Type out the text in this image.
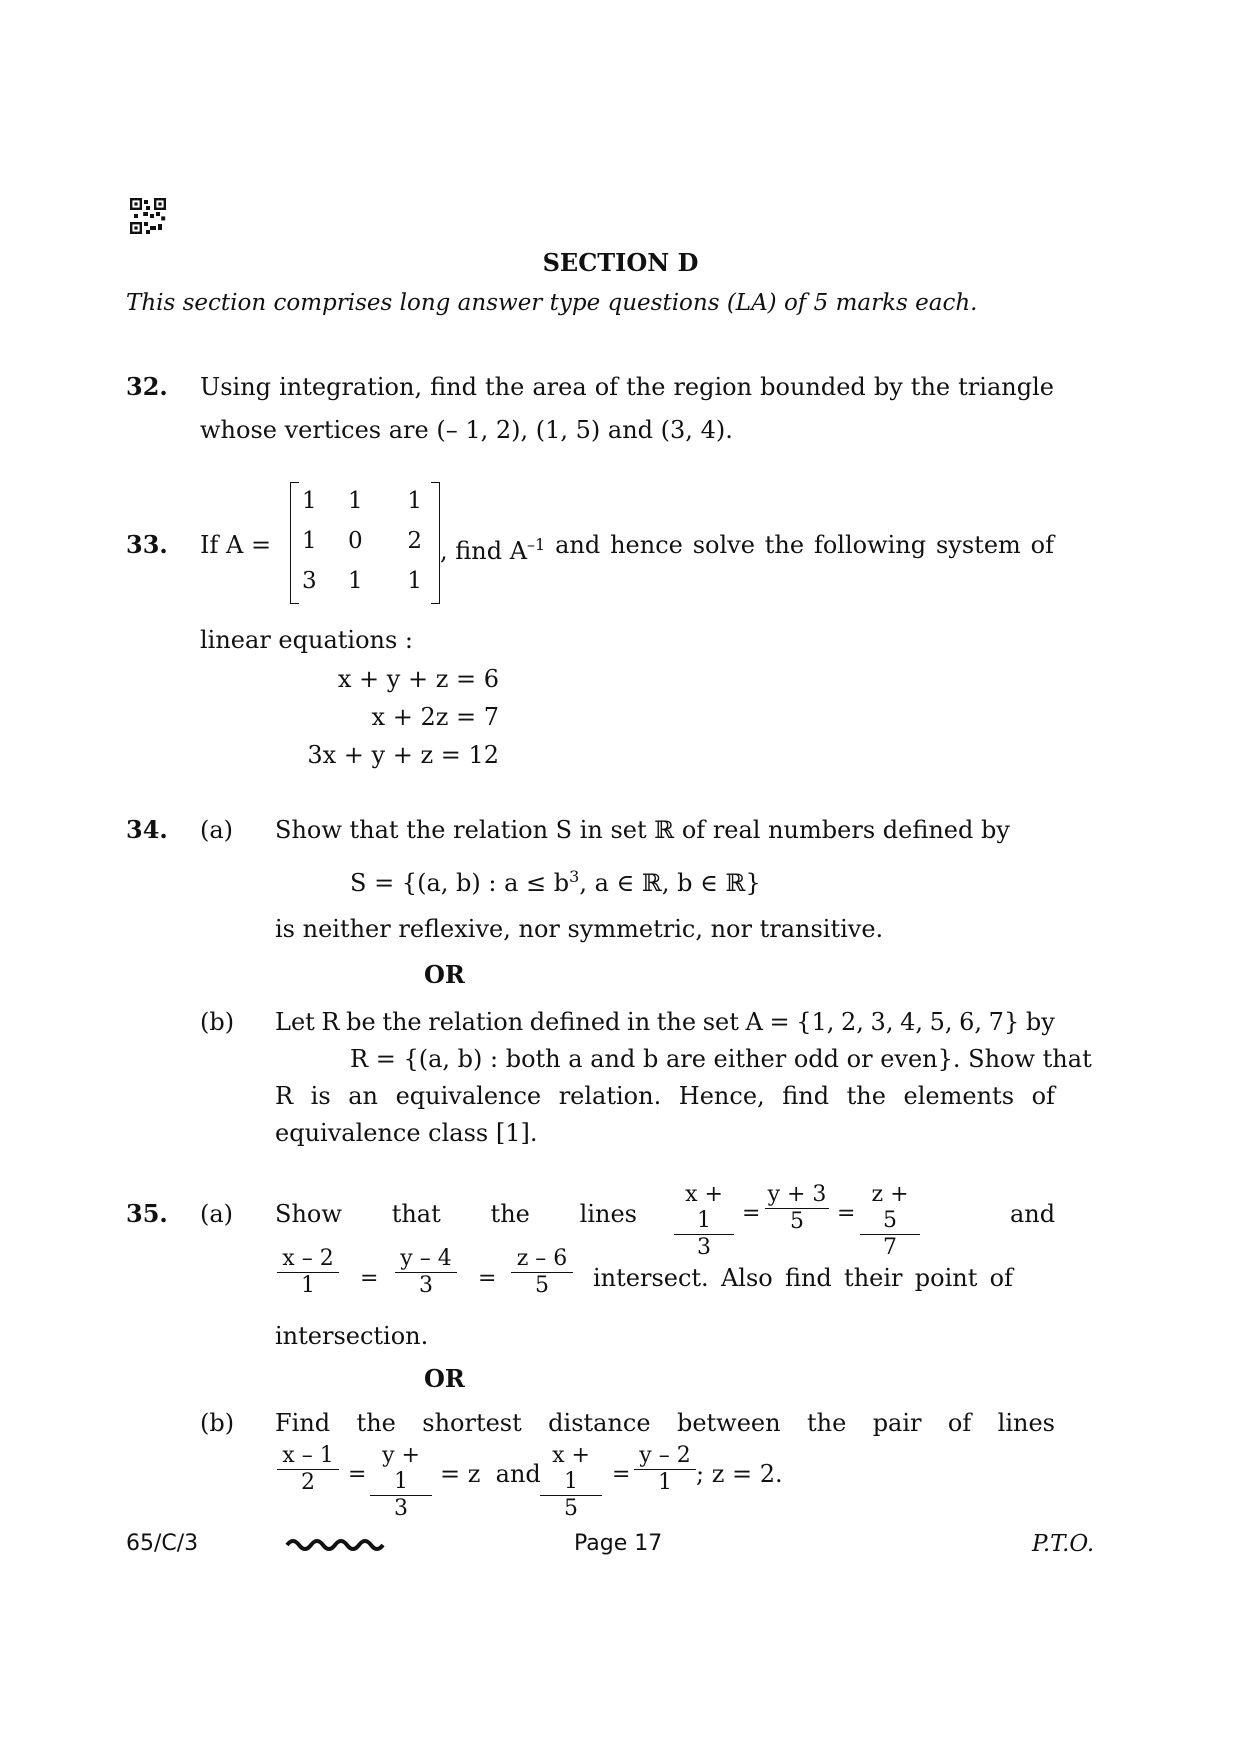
SECTION D
This section comprises long answer type questions (LA) of 5 marks each.
32. Using integration, find the area of the region bounded by the triangle
whose vertices are (– 1, 2), (1, 5) and (3, 4).
33. If A =
1	1	1
1	0	2
3	1	1
, find $A^{-1}$ and hence solve the following system of
linear equations :
x + y + z = 6
x + 2z = 7
3x + y + z = 12
34. (a) Show that the relation S in set ℝ of real numbers defined by
S = {(a, b) : $a \le b^3$, a ∈ ℝ, b ∈ ℝ}
is neither reflexive, nor symmetric, nor transitive.
OR
(b) Let R be the relation defined in the set A = {1, 2, 3, 4, 5, 6, 7} by
R = {(a, b) : both a and b are either odd or even}. Show that
R is an equivalence relation. Hence, find the elements of
equivalence class [1].
35. (a) Show that the lines $\frac{x + 1}{3} = \frac{y + 3}{5} = \frac{z + 5}{7}$	and
$\frac{x - 2}{1} = \frac{y - 4}{3} = \frac{z - 6}{5}$ intersect. Also find their point of
intersection.
OR
(b) Find the shortest distance between the pair of lines
$\frac{x - 1}{2} = \frac{y + 1}{3} = z$  and $\frac{x + 1}{5} = \frac{y - 2}{1}$ ; z = 2.
65/C/3	Page 17	P.T.O.
